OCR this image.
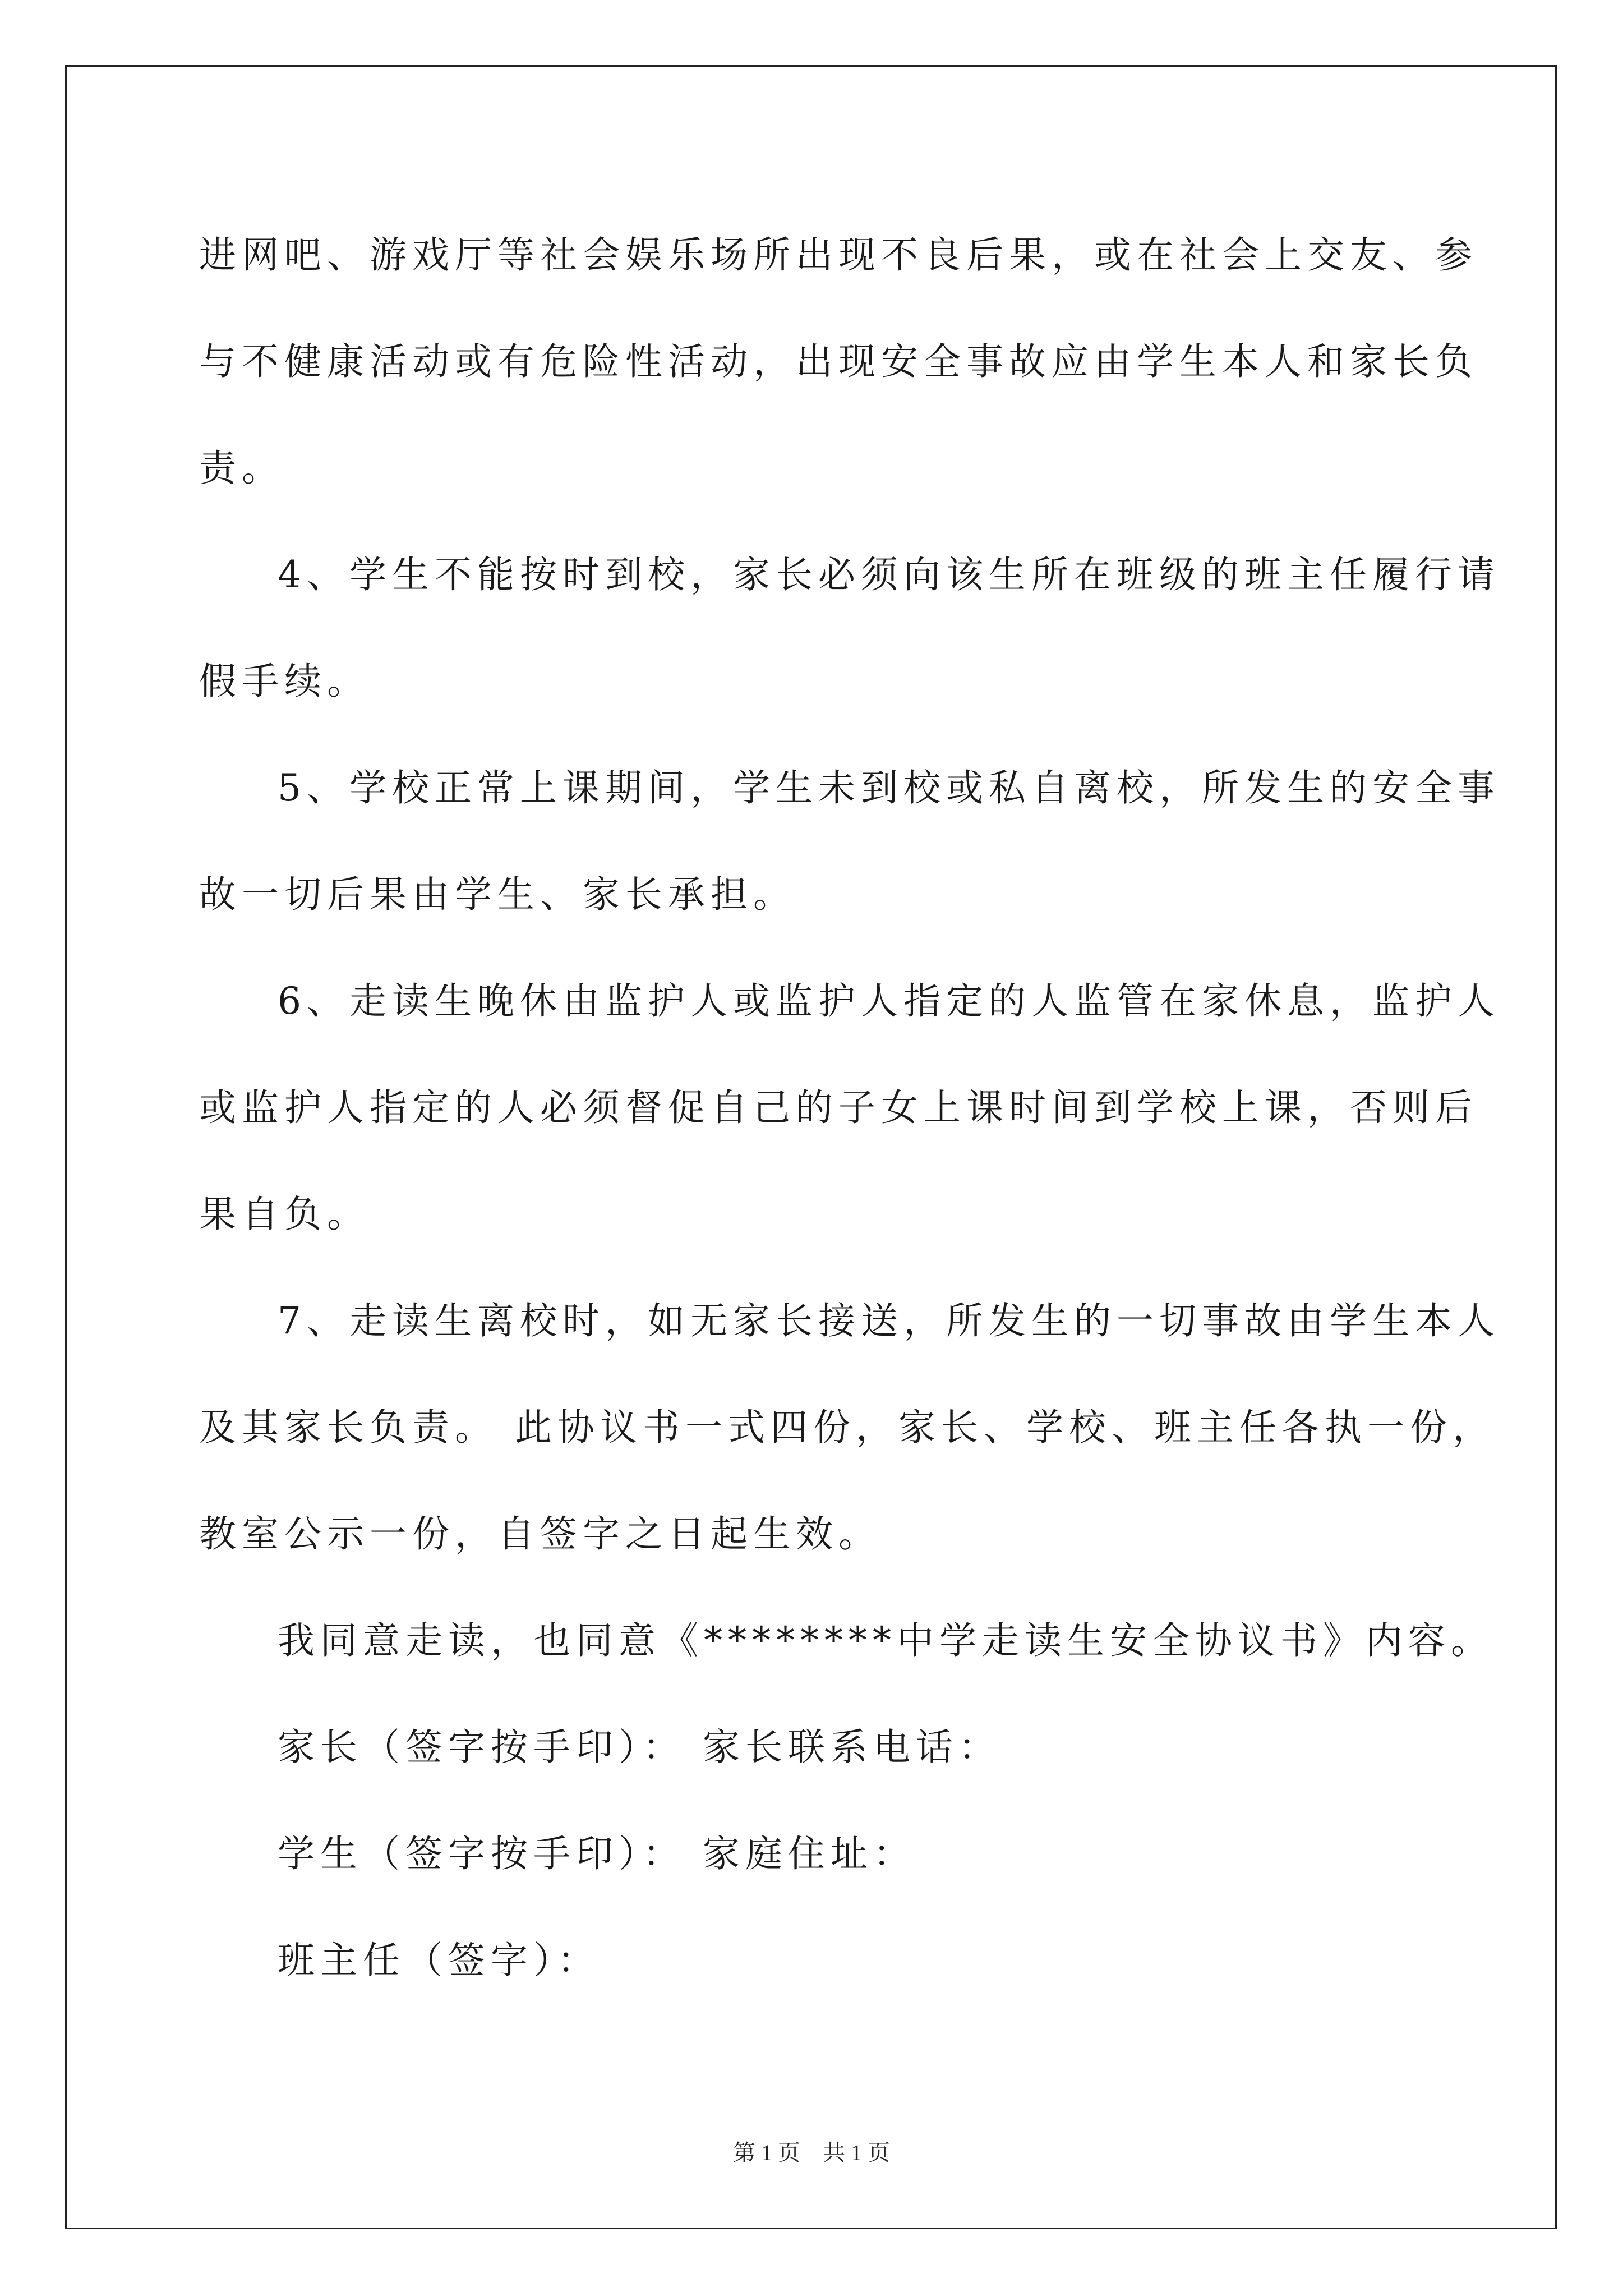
进网吧、游戏厅等社会娱乐场所出现不良后果，或在社会上交友、参
与不健康活动或有危险性活动，出现安全事故应由学生本人和家长负
责。
4、学生不能按时到校，家长必须向该生所在班级的班主任履行请
假手续。
5、学校正常上课期间，学生未到校或私自离校，所发生的安全事
故一切后果由学生、家长承担。
6、走读生晚休由监护人或监护人指定的人监管在家休息，监护人
或监护人指定的人必须督促自己的子女上课时间到学校上课，否则后
果自负。
7、走读生离校时，如无家长接送，所发生的一切事故由学生本人
及其家长负责。 此协议书一式四份，家长、学校、班主任各执一份，
教室公示一份，自签字之日起生效。
我同意走读，也同意《********中学走读生安全协议书》内容。
家长（签字按手印）： 家长联系电话：
学生（签字按手印）： 家庭住址：
班主任（签字）：
第 1 页　共 1 页
